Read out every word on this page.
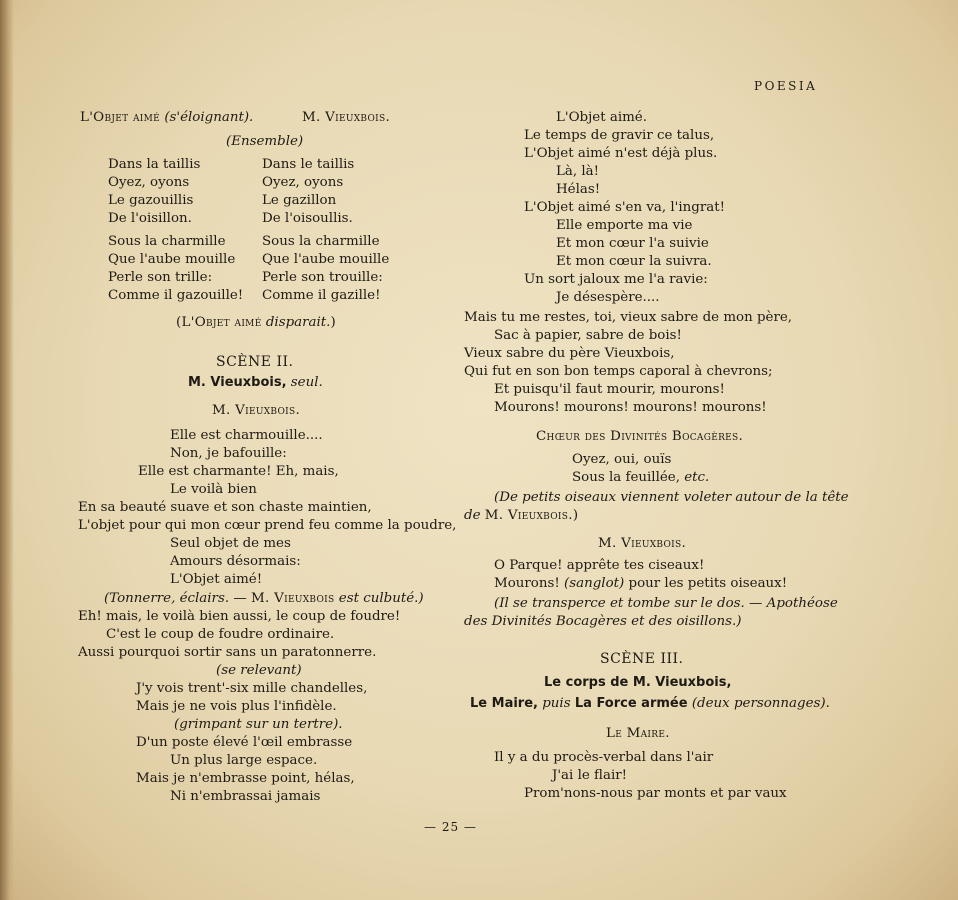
POESIA
L'Objet aimé (s'éloignant).	M. Vieuxbois.
(Ensemble)
Dans la taillis
Oyez, oyons
Le gazouillis
De l'oisillon.
Sous la charmille
Que l'aube mouille
Perle son trille:
Comme il gazouille!
Dans le taillis
Oyez, oyons
Le gazillon
De l'oisoullis.
Sous la charmille
Que l'aube mouille
Perle son trouille:
Comme il gazille!
(L'Objet aimé disparait.)
SCÈNE II.
M. Vieuxbois, seul.
M. Vieuxbois.
Elle est charmouille....
Non, je bafouille:
Elle est charmante! Eh, mais,
Le voilà bien
En sa beauté suave et son chaste maintien,
L'objet pour qui mon cœur prend feu comme la poudre,
Seul objet de mes
Amours désormais:
L'Objet aimé!
(Tonnerre, éclairs. — M. Vieuxbois est culbuté.)
Eh! mais, le voilà bien aussi, le coup de foudre!
C'est le coup de foudre ordinaire.
Aussi pourquoi sortir sans un paratonnerre.
(se relevant)
J'y vois trent'-six mille chandelles,
Mais je ne vois plus l'infidèle.
(grimpant sur un tertre).
D'un poste élevé l'œil embrasse
Un plus large espace.
Mais je n'embrasse point, hélas,
Ni n'embrassai jamais
L'Objet aimé.
Le temps de gravir ce talus,
L'Objet aimé n'est déjà plus.
Là, là!
Hélas!
L'Objet aimé s'en va, l'ingrat!
Elle emporte ma vie
Et mon cœur l'a suivie
Et mon cœur la suivra.
Un sort jaloux me l'a ravie:
Je désespère....
Mais tu me restes, toi, vieux sabre de mon père,
Sac à papier, sabre de bois!
Vieux sabre du père Vieuxbois,
Qui fut en son bon temps caporal à chevrons;
Et puisqu'il faut mourir, mourons!
Mourons! mourons! mourons! mourons!
Chœur des Divinités Bocagères.
Oyez, oui, ouïs
Sous la feuillée, etc.
(De petits oiseaux viennent voleter autour de la tête
de M. Vieuxbois.)
M. Vieuxbois.
O Parque! apprête tes ciseaux!
Mourons! (sanglot) pour les petits oiseaux!
(Il se transperce et tombe sur le dos. — Apothéose
des Divinités Bocagères et des oisillons.)
SCÈNE III.
Le corps de M. Vieuxbois,
Le Maire, puis La Force armée (deux personnages).
Le Maire.
Il y a du procès-verbal dans l'air
J'ai le flair!
Prom'nons-nous par monts et par vaux
— 25 —
